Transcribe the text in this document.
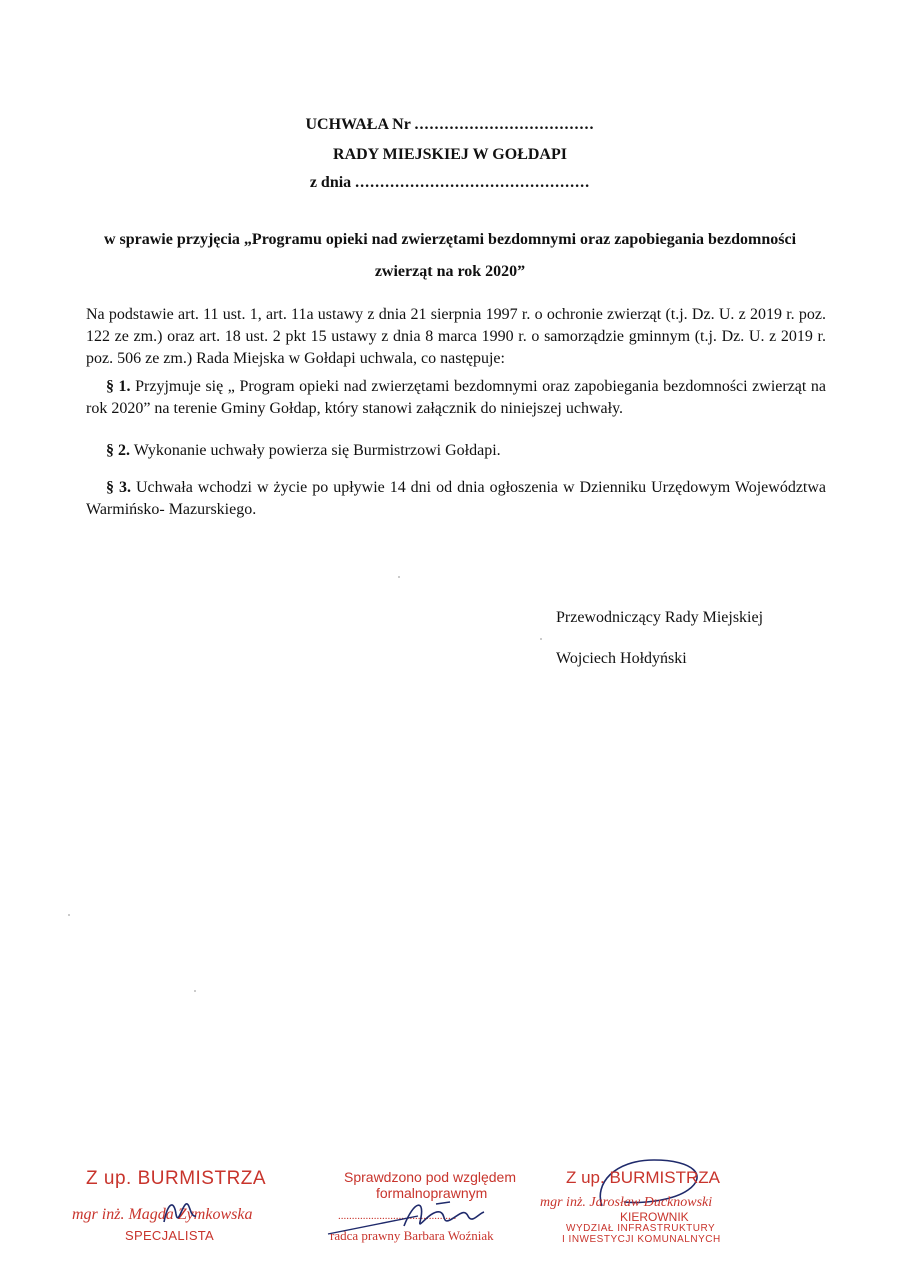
UCHWAŁA Nr ....................................
RADY MIEJSKIEJ W GOŁDAPI
z dnia ...............................................
w sprawie przyjęcia „Programu opieki nad zwierzętami bezdomnymi oraz zapobiegania bezdomności
zwierząt na rok 2020”
Na podstawie art. 11 ust. 1, art. 11a ustawy z dnia 21 sierpnia 1997 r. o ochronie zwierząt (t.j. Dz. U. z 2019 r. poz. 122 ze zm.) oraz art. 18 ust. 2 pkt 15 ustawy z dnia 8 marca 1990 r. o samorządzie gminnym (t.j. Dz. U. z 2019 r. poz. 506 ze zm.) Rada Miejska w Gołdapi uchwala, co następuje:
§ 1. Przyjmuje się „ Program opieki nad zwierzętami bezdomnymi oraz zapobiegania bezdomności zwierząt na rok 2020” na terenie Gminy Gołdap, który stanowi załącznik do niniejszej uchwały.
§ 2. Wykonanie uchwały powierza się Burmistrzowi Gołdapi.
§ 3. Uchwała wchodzi w życie po upływie 14 dni od dnia ogłoszenia w Dzienniku Urzędowym Województwa Warmińsko- Mazurskiego.
Przewodniczący Rady Miejskiej
Wojciech Hołdyński
Z up. BURMISTRZA
mgr inż. Magda Zymkowska
SPECJALISTA
Sprawdzono pod względem
formalnoprawnym
...........................................
radca prawny Barbara Woźniak
Z up. BURMISTRZA
mgr inż. Jarosław Ducknowski
KIEROWNIK
WYDZIAŁ INFRASTRUKTURY
I INWESTYCJI KOMUNALNYCH
